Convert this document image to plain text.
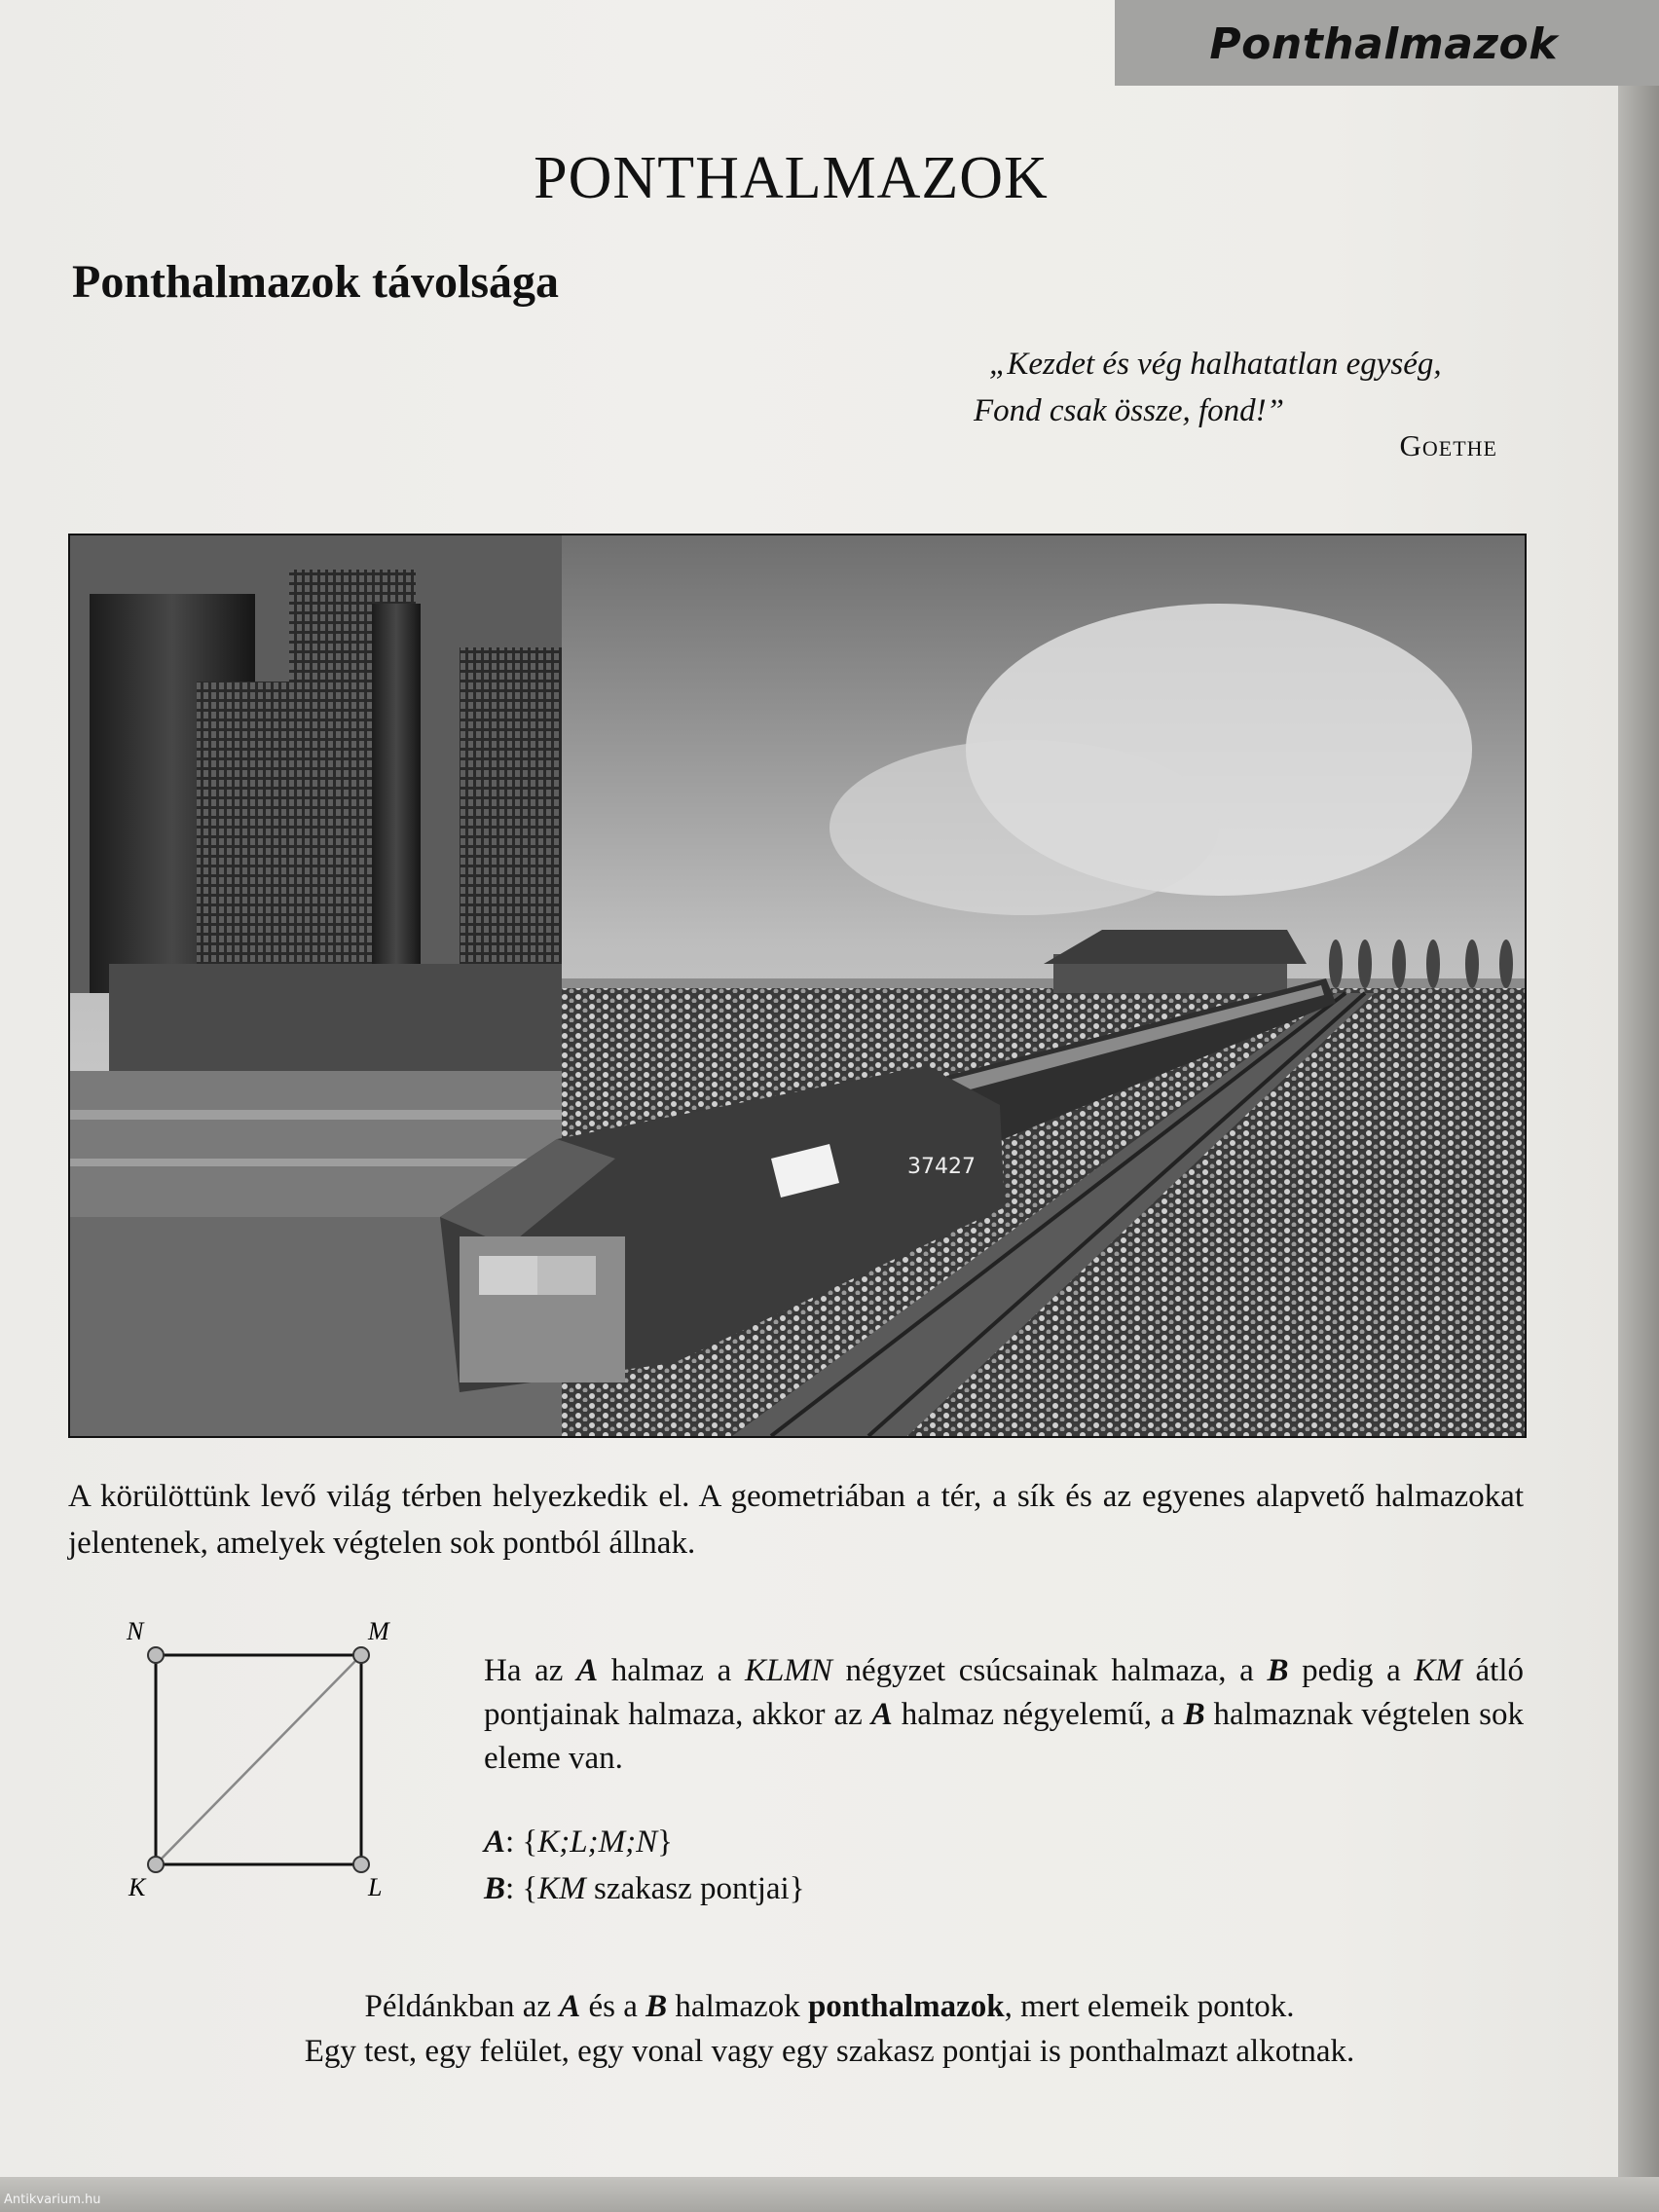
Ponthalmazok
PONTHALMAZOK
Ponthalmazok távolsága
„Kezdet és vég halhatatlan egység,
Fond csak össze, fond!”
Goethe
37427
A körülöttünk levő világ térben helyezkedik el. A geometriában a tér, a sík és az egyenes alapvető halmazokat jelentenek, amelyek végtelen sok pontból állnak.
N	M
K	L
Ha az A halmaz a KLMN négyzet csúcsainak halmaza, a B pedig a KM átló pontjainak halmaza, akkor az A halmaz négyelemű, a B halmaznak végtelen sok eleme van.
A: {K;L;M;N}
B: {KM szakasz pontjai}
Példánkban az A és a B halmazok ponthalmazok, mert elemeik pontok.
Egy test, egy felület, egy vonal vagy egy szakasz pontjai is ponthalmazt alkotnak.
Antikvarium.hu
